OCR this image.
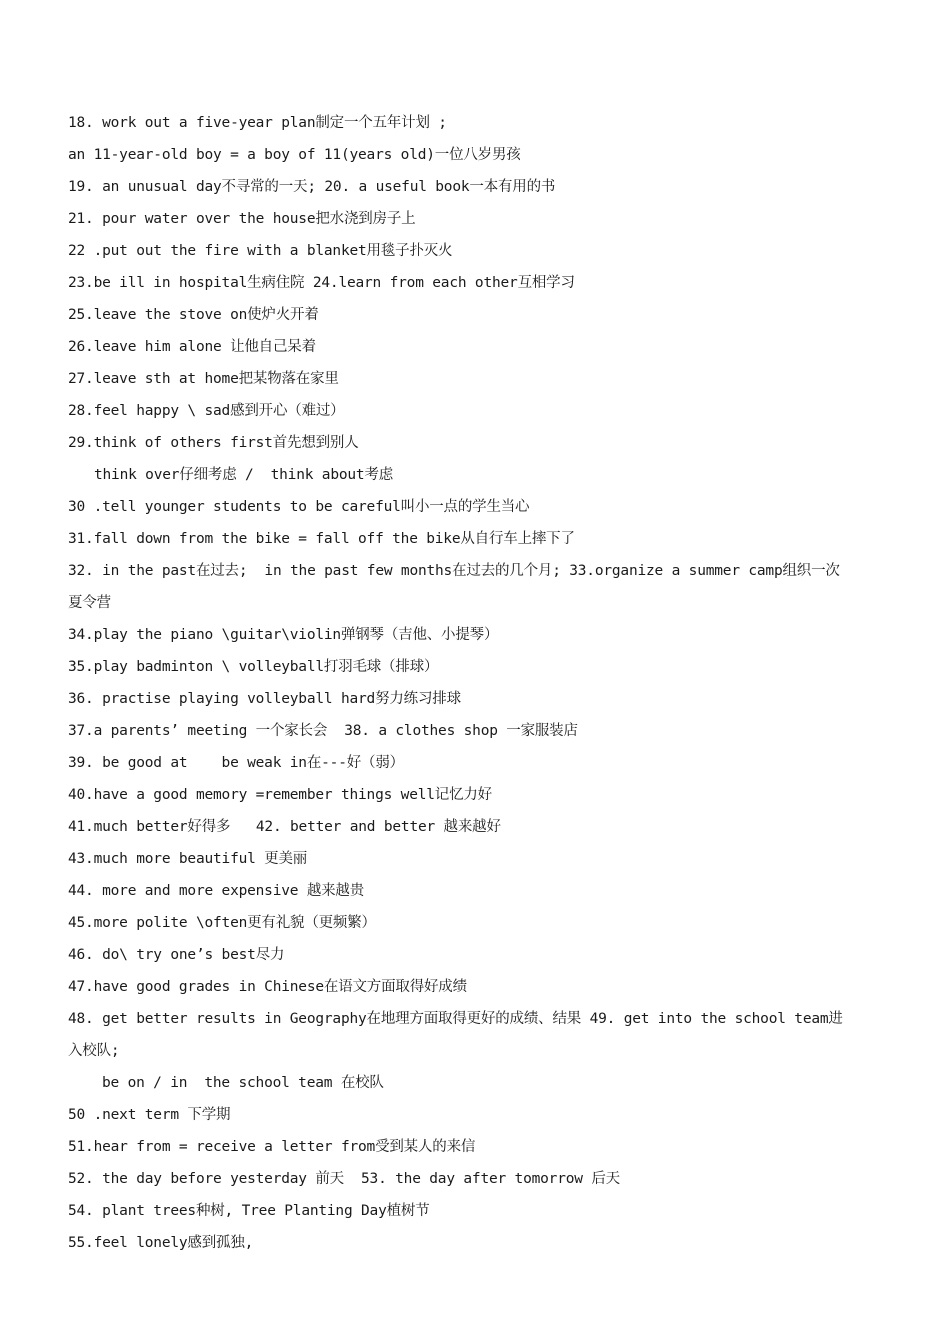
18. work out a five-year plan制定一个五年计划 ;
an 11-year-old boy = a boy of 11(years old)一位八岁男孩
19. an unusual day不寻常的一天; 20. a useful book一本有用的书
21. pour water over the house把水浇到房子上
22 .put out the fire with a blanket用毯子扑灭火
23.be ill in hospital生病住院 24.learn from each other互相学习
25.leave the stove on使炉火开着
26.leave him alone 让他自己呆着
27.leave sth at home把某物落在家里
28.feel happy \ sad感到开心（难过）
29.think of others first首先想到别人
think over仔细考虑 /  think about考虑
30 .tell younger students to be careful叫小一点的学生当心
31.fall down from the bike = fall off the bike从自行车上摔下了
32. in the past在过去;  in the past few months在过去的几个月; 33.organize a summer camp组织一次
夏令营
34.play the piano \guitar\violin弹钢琴（吉他、小提琴）
35.play badminton \ volleyball打羽毛球（排球）
36. practise playing volleyball hard努力练习排球
37.a parents’ meeting 一个家长会  38. a clothes shop 一家服装店
39. be good at    be weak in在---好（弱）
40.have a good memory =remember things well记忆力好
41.much better好得多   42. better and better 越来越好
43.much more beautiful 更美丽
44. more and more expensive 越来越贵
45.more polite \often更有礼貌（更频繁）
46. do\ try one’s best尽力
47.have good grades in Chinese在语文方面取得好成绩
48. get better results in Geography在地理方面取得更好的成绩、结果 49. get into the school team进
入校队;
be on / in  the school team 在校队
50 .next term 下学期
51.hear from = receive a letter from受到某人的来信
52. the day before yesterday 前天  53. the day after tomorrow 后天
54. plant trees种树, Tree Planting Day植树节
55.feel lonely感到孤独,
